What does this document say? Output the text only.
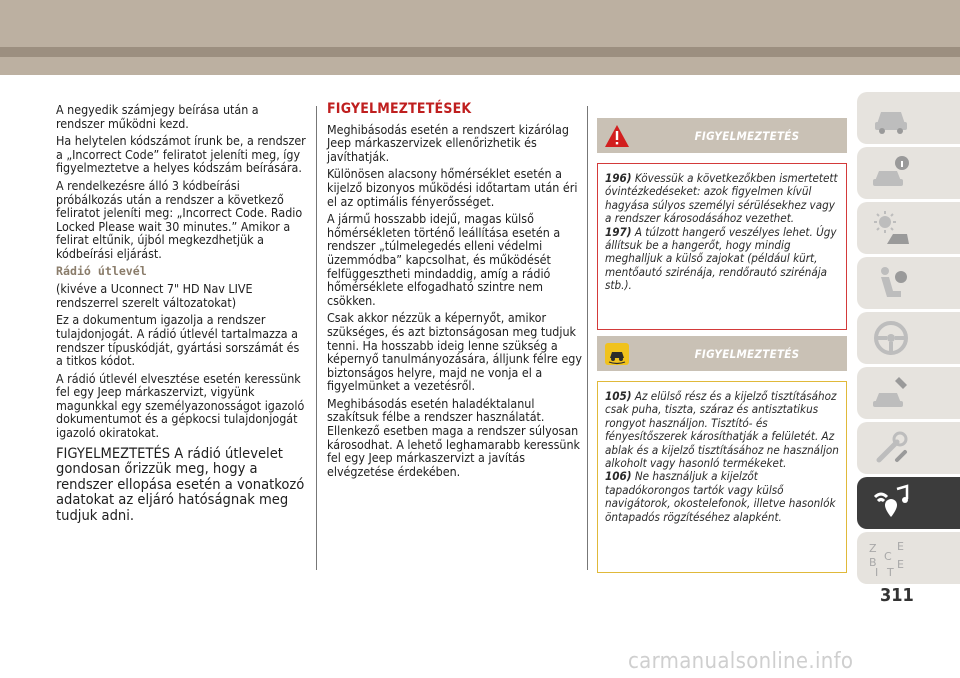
A negyedik számjegy beírása után a rendszer működni kezd.

Ha helytelen kódszámot írunk be, a rendszer a „Incorrect Code” feliratot jeleníti meg, így figyelmeztetve a helyes kódszám beírására.

A rendelkezésre álló 3 kódbeírási próbálkozás után a rendszer a következő feliratot jeleníti meg: „Incorrect Code. Radio Locked Please wait 30 minutes.” Amikor a felirat eltűnik, újból megkezdhetjük a kódbeírási eljárást.

Rádió útlevél

(kivéve a Uconnect 7" HD Nav LIVE rendszerrel szerelt változatokat)

Ez a dokumentum igazolja a rendszer tulajdonjogát. A rádió útlevél tartalmazza a rendszer típuskódját, gyártási sorszámát és a titkos kódot.

A rádió útlevél elvesztése esetén keressünk fel egy Jeep márkaszervizt, vigyünk magunkkal egy személyazonosságot igazoló dokumentumot és a gépkocsi tulajdonjogát igazoló okiratokat.

FIGYELMEZTETÉS A rádió útlevelet gondosan őrizzük meg, hogy a rendszer ellopása esetén a vonatkozó adatokat az eljáró hatóságnak meg tudjuk adni.

FIGYELMEZTETÉSEK

Meghibásodás esetén a rendszert kizárólag Jeep márkaszervizek ellenőrizhetik és javíthatják.

Különösen alacsony hőmérséklet esetén a kijelző bizonyos működési időtartam után éri el az optimális fényerősséget.

A jármű hosszabb idejű, magas külső hőmérsékleten történő leállítása esetén a rendszer „túlmelegedés elleni védelmi üzemmódba” kapcsolhat, és működését felfüggesztheti mindaddig, amíg a rádió hőmérséklete elfogadható szintre nem csökken.

Csak akkor nézzük a képernyőt, amikor szükséges, és azt biztonságosan meg tudjuk tenni. Ha hosszabb ideig lenne szükség a képernyő tanulmányozására, álljunk félre egy biztonságos helyre, majd ne vonja el a figyelmünket a vezetésről.

Meghibásodás esetén haladéktalanul szakítsuk félbe a rendszer használatát. Ellenkező esetben maga a rendszer súlyosan károsodhat. A lehető leghamarabb keressünk fel egy Jeep márkaszervizt a javítás elvégzetése érdekében.

FIGYELMEZTETÉS

196) Kövessük a következőkben ismertetett óvintézkedéseket: azok figyelmen kívül hagyása súlyos személyi sérülésekhez vagy a rendszer károsodásához vezethet.

197) A túlzott hangerő veszélyes lehet. Úgy állítsuk be a hangerőt, hogy mindig meghalljuk a külső zajokat (például kürt, mentőautó szirénája, rendőrautó szirénája stb.).

FIGYELMEZTETÉS

105) Az elülső rész és a kijelző tisztításához csak puha, tiszta, száraz és antisztatikus rongyot használjon. Tisztító- és fényesítőszerek károsíthatják a felületét. Az ablak és a kijelző tisztításához ne használjon alkoholt vagy hasonló termékeket.

106) Ne használjuk a kijelzőt tapadókorongos tartók vagy külső navigátorok, okostelefonok, illetve hasonlók öntapadós rögzítéséhez alapként.

Z E
B C
I T
E
311
carmanualsonline.info
